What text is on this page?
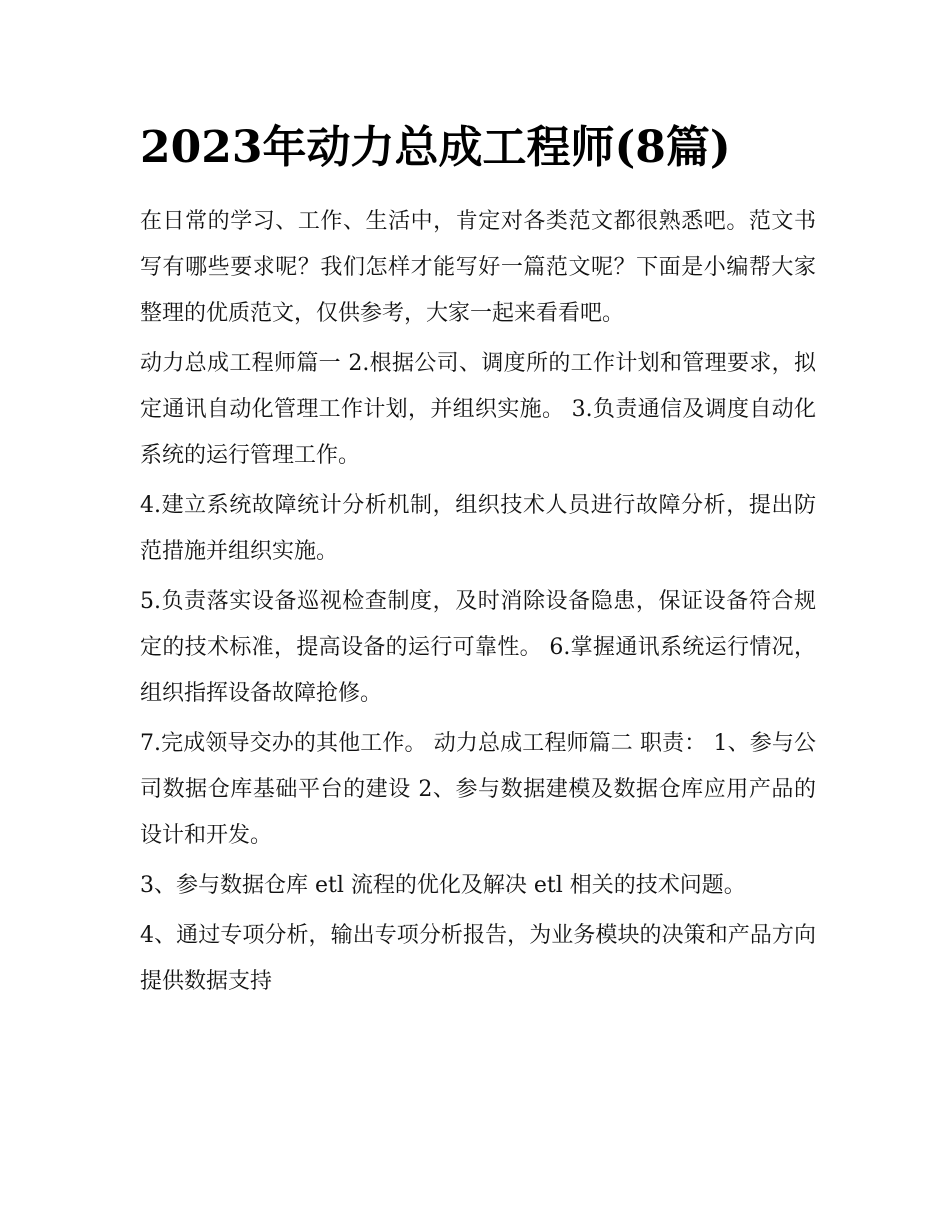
2023年动力总成工程师(8篇)

在日常的学习、工作、生活中，肯定对各类范文都很熟悉吧。范文书写有哪些要求呢？我们怎样才能写好一篇范文呢？下面是小编帮大家整理的优质范文，仅供参考，大家一起来看看吧。

动力总成工程师篇一 2.根据公司、调度所的工作计划和管理要求，拟定通讯自动化管理工作计划，并组织实施。 3.负责通信及调度自动化系统的运行管理工作。

4.建立系统故障统计分析机制，组织技术人员进行故障分析，提出防范措施并组织实施。

5.负责落实设备巡视检查制度，及时消除设备隐患，保证设备符合规定的技术标准，提高设备的运行可靠性。 6.掌握通讯系统运行情况，组织指挥设备故障抢修。

7.完成领导交办的其他工作。 动力总成工程师篇二 职责： 1、参与公司数据仓库基础平台的建设 2、参与数据建模及数据仓库应用产品的设计和开发。

3、参与数据仓库 etl 流程的优化及解决 etl 相关的技术问题。

4、通过专项分析，输出专项分析报告，为业务模块的决策和产品方向提供数据支持
